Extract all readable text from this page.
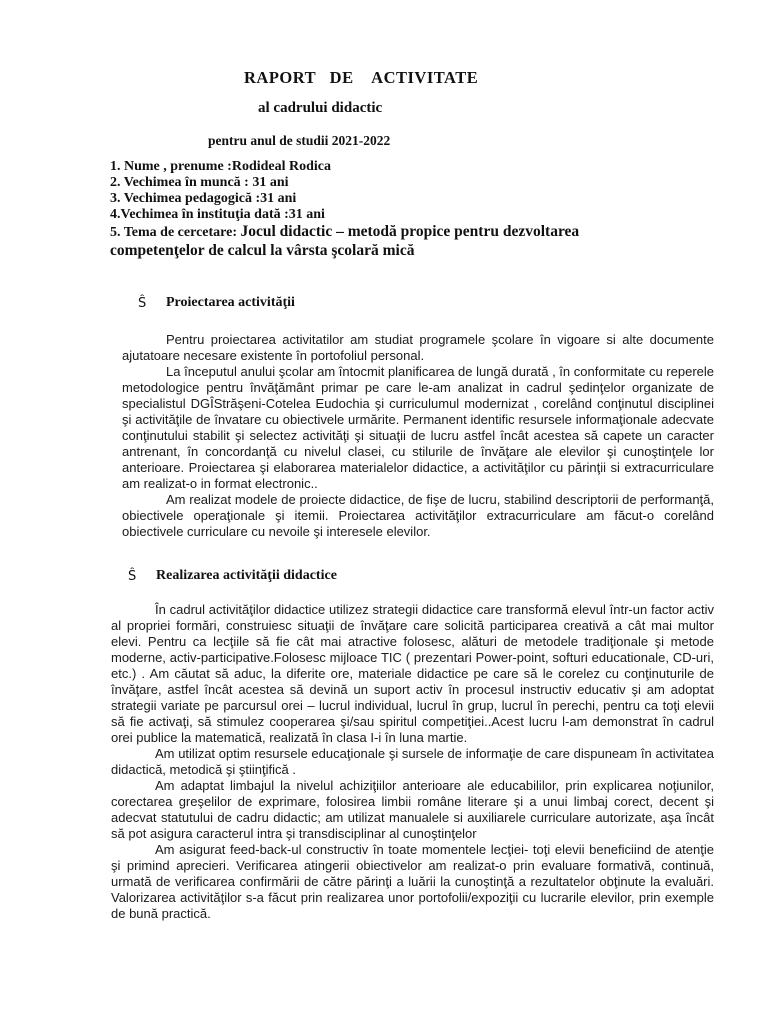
RAPORT   DE    ACTIVITATE
al cadrului didactic
pentru anul de studii 2021-2022
1. Nume , prenume :Rodideal Rodica
2. Vechimea în muncă : 31 ani
3. Vechimea pedagogică :31 ani
4.Vechimea în instituţia dată :31 ani
5. Tema de cercetare: Jocul didactic – metodă propice pentru dezvoltarea
competenţelor de calcul la vârsta şcolară mică
Ŝ	Proiectarea activităţii

Pentru proiectarea activitatilor am studiat programele şcolare în vigoare si alte documente ajutatoare necesare existente în portofoliul personal.

La începutul anului şcolar am întocmit planificarea de lungă durată , în conformitate cu reperele metodologice pentru învăţământ primar pe care le-am analizat in cadrul şedinţelor organizate de specialistul DGÎStrăşeni-Cotelea Eudochia şi curriculumul modernizat , corelând conţinutul disciplinei şi activităţile de învatare cu obiectivele urmărite. Permanent identific resursele informaţionale adecvate conţinutului stabilit şi selectez activităţi şi situaţii de lucru astfel încât acestea să capete un caracter antrenant, în concordanţă cu nivelul clasei, cu stilurile de învăţare ale elevilor şi cunoştinţele lor anterioare. Proiectarea şi elaborarea materialelor didactice, a activităţilor cu părinţii si extracurriculare am realizat-o in format electronic..

Am realizat modele de proiecte didactice, de fişe de lucru, stabilind descriptorii de performanţă, obiectivele operaţionale şi itemii. Proiectarea activităţilor extracurriculare am făcut-o corelând obiectivele curriculare cu nevoile şi interesele elevilor.

Ŝ	Realizarea activităţii didactice

În cadrul activităţilor didactice utilizez strategii didactice care transformă elevul într-un factor activ al propriei formări, construiesc situaţii de învăţare care solicită participarea creativă a cât mai multor elevi. Pentru ca lecţiile să fie cât mai atractive folosesc, alături de metodele tradiţionale şi metode moderne, activ-participative.Folosesc mijloace TIC ( prezentari Power-point, softuri educationale, CD-uri, etc.) . Am căutat să aduc, la diferite ore, materiale didactice pe care să le corelez cu conţinuturile de învăţare, astfel încât acestea să devină un suport activ în procesul instructiv educativ şi am adoptat strategii variate pe parcursul orei – lucrul individual, lucrul în grup, lucrul în perechi, pentru ca toţi elevii să fie activaţi, să stimulez cooperarea şi/sau spiritul competiţiei..Acest lucru l-am demonstrat în cadrul orei publice la matematică, realizată în clasa I-i în luna martie.

Am utilizat optim resursele educaţionale şi sursele de informaţie de care dispuneam în activitatea didactică, metodică şi ştiinţifică .

Am adaptat limbajul la nivelul achiziţiilor anterioare ale educabililor, prin explicarea noţiunilor, corectarea greşelilor de exprimare, folosirea limbii române literare şi a unui limbaj corect, decent şi adecvat statutului de cadru didactic; am utilizat manualele si auxiliarele curriculare autorizate, aşa încât să pot asigura caracterul intra şi transdisciplinar al cunoştinţelor

Am asigurat feed-back-ul constructiv în toate momentele lecţiei- toţi elevii beneficiind de atenţie şi primind aprecieri. Verificarea atingerii obiectivelor am realizat-o prin evaluare formativă, continuă, urmată de verificarea confirmării de către părinţi a luării la cunoştinţă a rezultatelor obţinute la evaluări. Valorizarea activităţilor s-a făcut prin realizarea unor portofolii/expoziţii cu lucrarile elevilor, prin exemple de bună practică.
